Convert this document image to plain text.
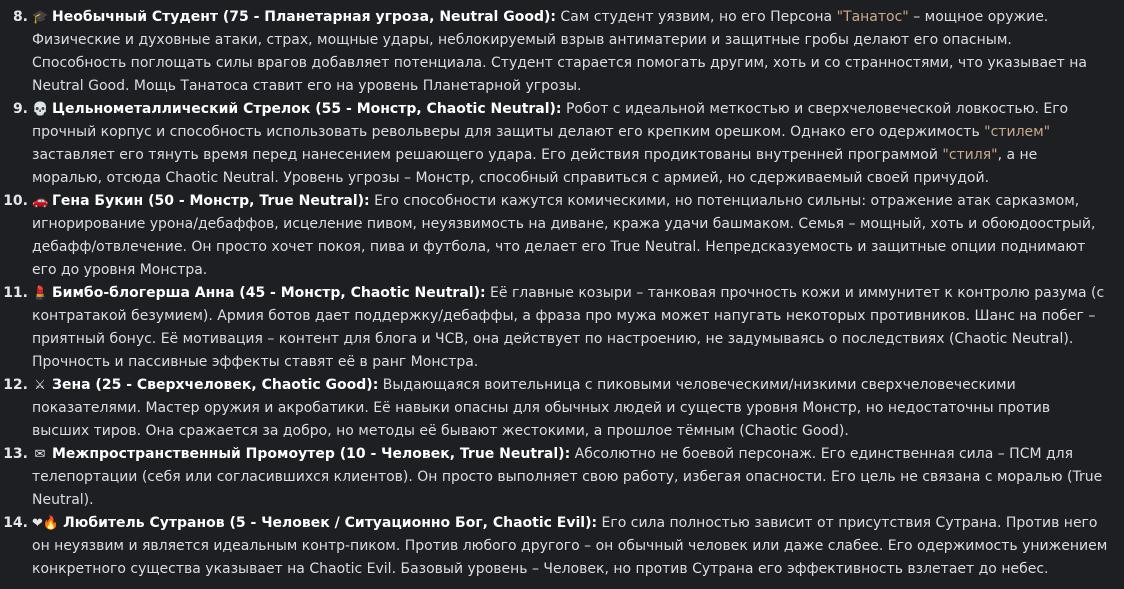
8. 🎓 Необычный Студент (75 - Планетарная угроза, Neutral Good): Сам студент уязвим, но его Персона "Танатос" – мощное оружие. Физические и духовные атаки, страх, мощные удары, неблокируемый взрыв антиматерии и защитные гробы делают его опасным. Способность поглощать силы врагов добавляет потенциала. Студент старается помогать другим, хоть и со странностями, что указывает на Neutral Good. Мощь Танатоса ставит его на уровень Планетарной угрозы.
9. 💀 Цельнометаллический Стрелок (55 - Монстр, Chaotic Neutral): Робот с идеальной меткостью и сверхчеловеческой ловкостью. Его прочный корпус и способность использовать револьверы для защиты делают его крепким орешком. Однако его одержимость "стилем" заставляет его тянуть время перед нанесением решающего удара. Его действия продиктованы внутренней программой "стиля", а не моралью, отсюда Chaotic Neutral. Уровень угрозы – Монстр, способный справиться с армией, но сдерживаемый своей причудой.
10. 🚗 Гена Букин (50 - Монстр, True Neutral): Его способности кажутся комическими, но потенциально сильны: отражение атак сарказмом, игнорирование урона/дебаффов, исцеление пивом, неуязвимость на диване, кража удачи башмаком. Семья – мощный, хоть и обоюдоострый, дебафф/отвлечение. Он просто хочет покоя, пива и футбола, что делает его True Neutral. Непредсказуемость и защитные опции поднимают его до уровня Монстра.
11. 💄 Бимбо-блогерша Анна (45 - Монстр, Chaotic Neutral): Её главные козыри – танковая прочность кожи и иммунитет к контролю разума (с контратакой безумием). Армия ботов дает поддержку/дебаффы, а фраза про мужа может напугать некоторых противников. Шанс на побег – приятный бонус. Её мотивация – контент для блога и ЧСВ, она действует по настроению, не задумываясь о последствиях (Chaotic Neutral). Прочность и пассивные эффекты ставят её в ранг Монстра.
12. ⚔ Зена (25 - Сверхчеловек, Chaotic Good): Выдающаяся воительница с пиковыми человеческими/низкими сверхчеловеческими показателями. Мастер оружия и акробатики. Её навыки опасны для обычных людей и существ уровня Монстр, но недостаточны против высших тиров. Она сражается за добро, но методы её бывают жестокими, а прошлое тёмным (Chaotic Good).
13. ✉ Межпространственный Промоутер (10 - Человек, True Neutral): Абсолютно не боевой персонаж. Его единственная сила – ПСМ для телепортации (себя или согласившихся клиентов). Он просто выполняет свою работу, избегая опасности. Его цель не связана с моралью (True Neutral).
14. ❤🔥 Любитель Сутранов (5 - Человек / Ситуационно Бог, Chaotic Evil): Его сила полностью зависит от присутствия Сутрана. Против него он неуязвим и является идеальным контр-пиком. Против любого другого – он обычный человек или даже слабее. Его одержимость унижением конкретного существа указывает на Chaotic Evil. Базовый уровень – Человек, но против Сутрана его эффективность взлетает до небес.
